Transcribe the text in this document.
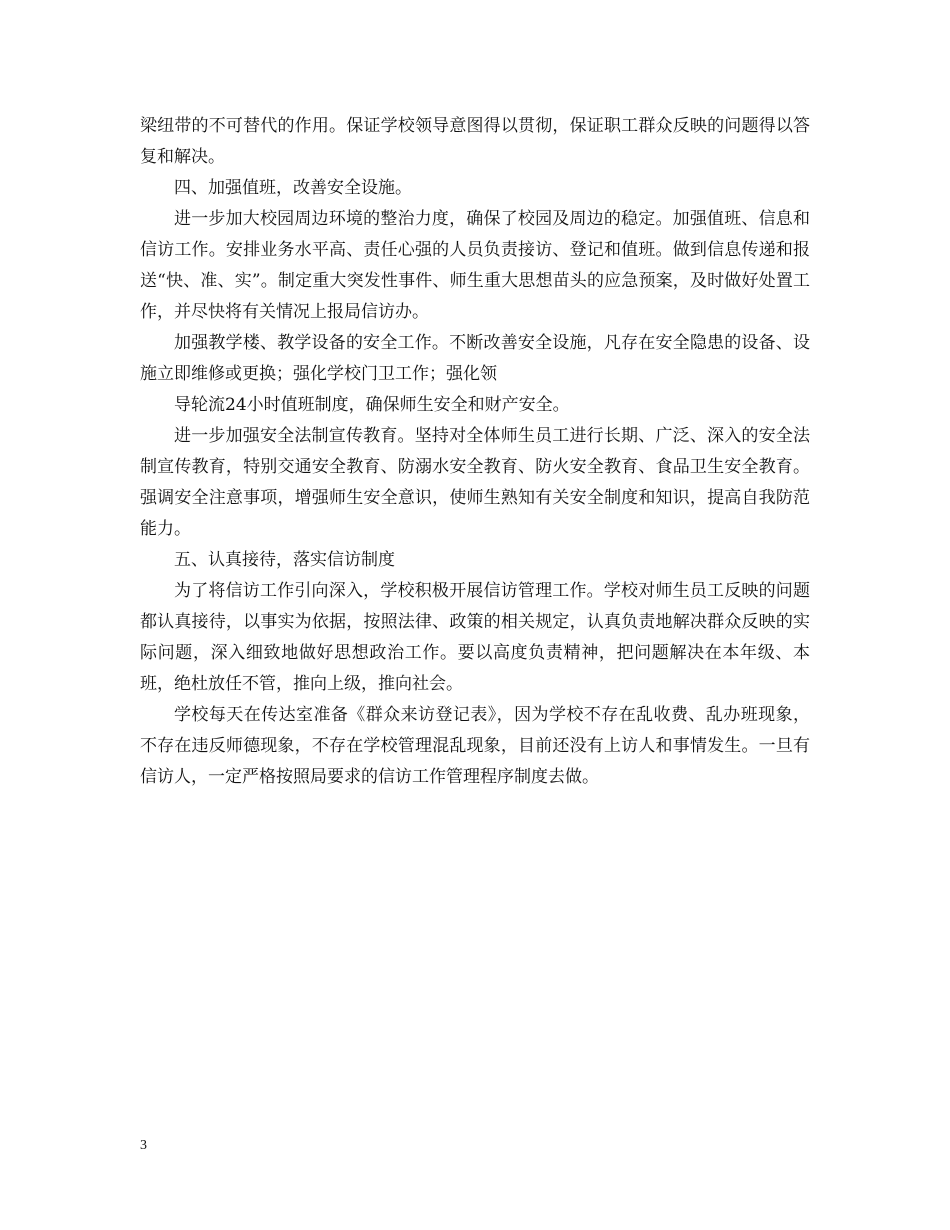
梁纽带的不可替代的作用。保证学校领导意图得以贯彻，保证职工群众反映的问题得以答复和解决。

四、加强值班，改善安全设施。

进一步加大校园周边环境的整治力度，确保了校园及周边的稳定。加强值班、信息和信访工作。安排业务水平高、责任心强的人员负责接访、登记和值班。做到信息传递和报送“快、准、实”。制定重大突发性事件、师生重大思想苗头的应急预案，及时做好处置工作，并尽快将有关情况上报局信访办。

加强教学楼、教学设备的安全工作。不断改善安全设施，凡存在安全隐患的设备、设施立即维修或更换；强化学校门卫工作；强化领

导轮流24小时值班制度，确保师生安全和财产安全。

进一步加强安全法制宣传教育。坚持对全体师生员工进行长期、广泛、深入的安全法制宣传教育，特别交通安全教育、防溺水安全教育、防火安全教育、食品卫生安全教育。强调安全注意事项，增强师生安全意识，使师生熟知有关安全制度和知识，提高自我防范能力。

五、认真接待，落实信访制度

为了将信访工作引向深入，学校积极开展信访管理工作。学校对师生员工反映的问题都认真接待，以事实为依据，按照法律、政策的相关规定，认真负责地解决群众反映的实际问题，深入细致地做好思想政治工作。要以高度负责精神，把问题解决在本年级、本班，绝杜放任不管，推向上级，推向社会。

学校每天在传达室准备《群众来访登记表》，因为学校不存在乱收费、乱办班现象，不存在违反师德现象，不存在学校管理混乱现象，目前还没有上访人和事情发生。一旦有信访人，一定严格按照局要求的信访工作管理程序制度去做。

3
